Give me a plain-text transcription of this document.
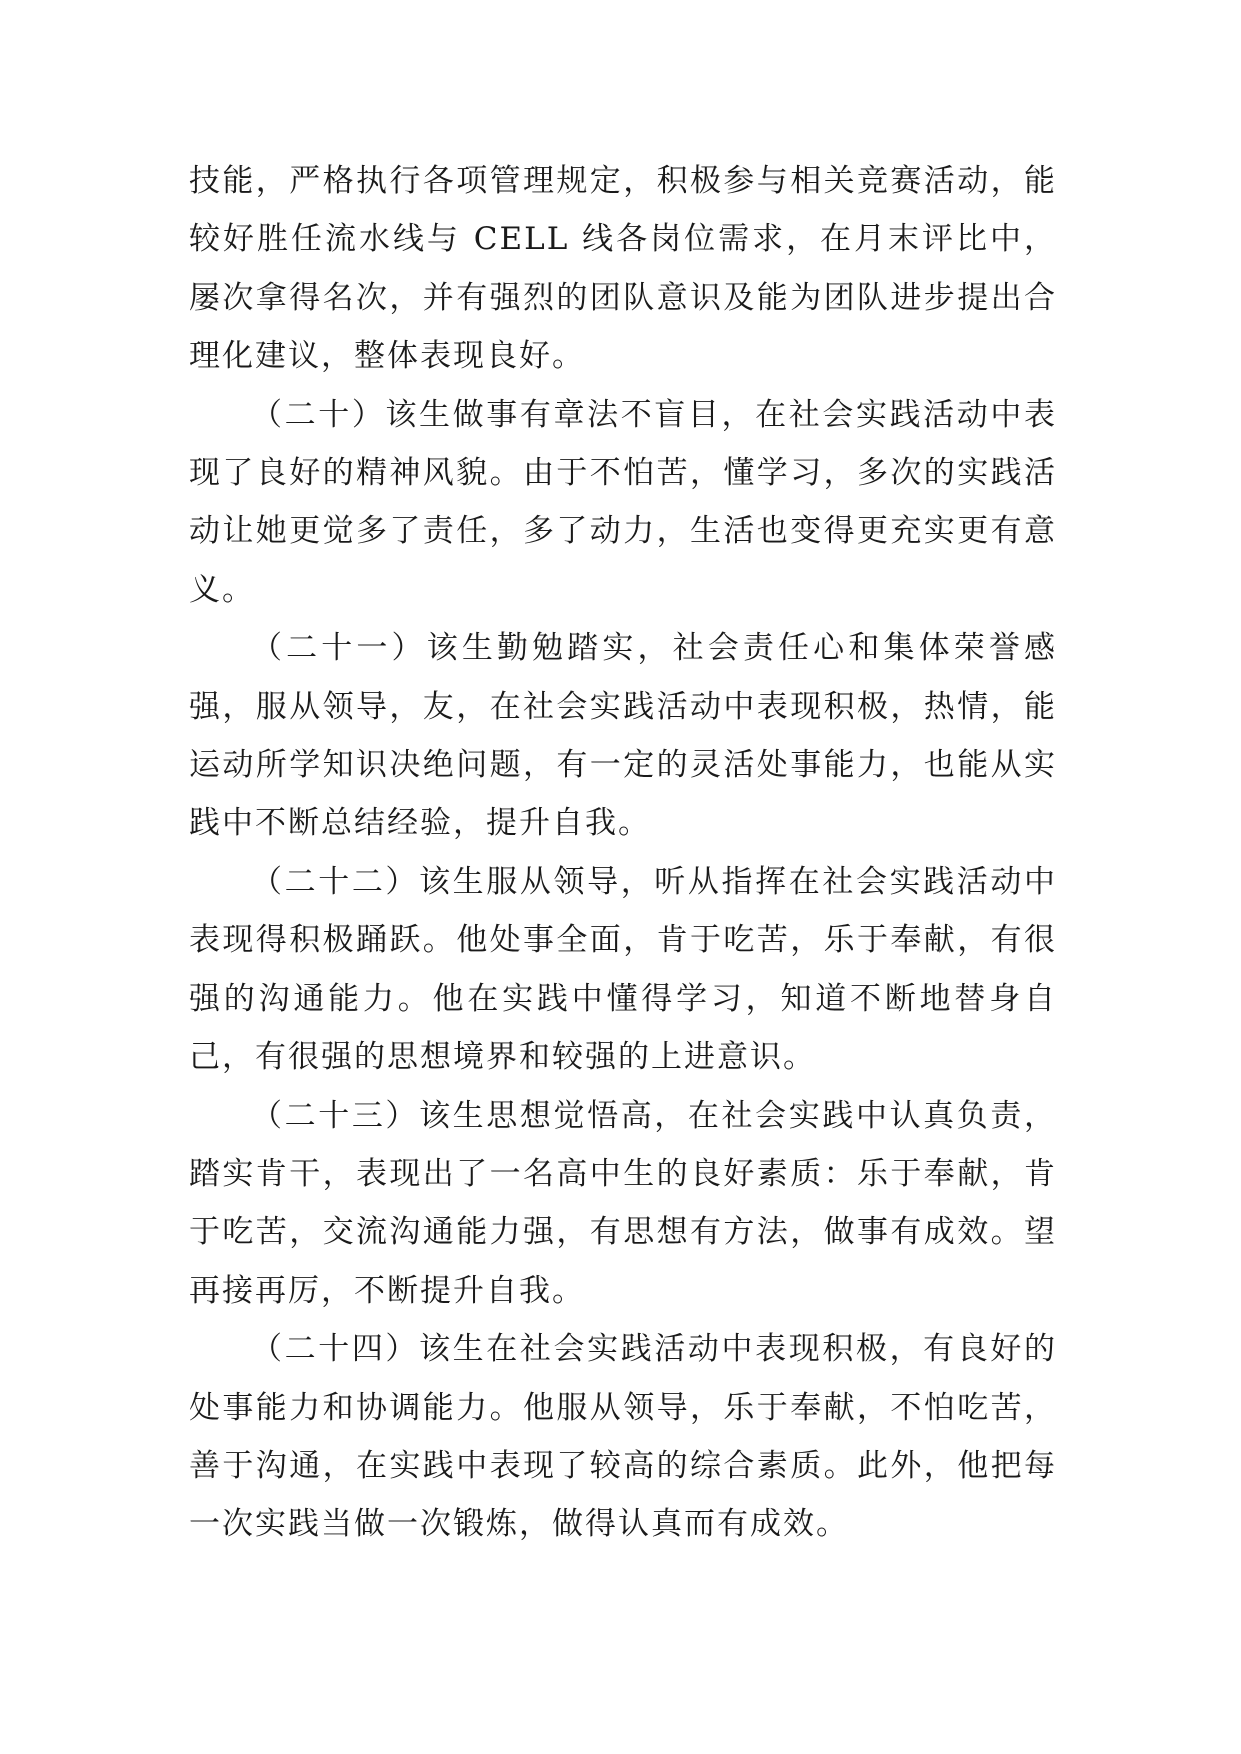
技能，严格执行各项管理规定，积极参与相关竞赛活动，能较好胜任流水线与 CELL 线各岗位需求，在月末评比中，屡次拿得名次，并有强烈的团队意识及能为团队进步提出合理化建议，整体表现良好。

（二十）该生做事有章法不盲目，在社会实践活动中表现了良好的精神风貌。由于不怕苦，懂学习，多次的实践活动让她更觉多了责任，多了动力，生活也变得更充实更有意义。

（二十一）该生勤勉踏实，社会责任心和集体荣誉感强，服从领导，友，在社会实践活动中表现积极，热情，能运动所学知识决绝问题，有一定的灵活处事能力，也能从实践中不断总结经验，提升自我。

（二十二）该生服从领导，听从指挥在社会实践活动中表现得积极踊跃。他处事全面，肯于吃苦，乐于奉献，有很强的沟通能力。他在实践中懂得学习，知道不断地替身自己，有很强的思想境界和较强的上进意识。

（二十三）该生思想觉悟高，在社会实践中认真负责，踏实肯干，表现出了一名高中生的良好素质：乐于奉献，肯于吃苦，交流沟通能力强，有思想有方法，做事有成效。望再接再厉，不断提升自我。

（二十四）该生在社会实践活动中表现积极，有良好的处事能力和协调能力。他服从领导，乐于奉献，不怕吃苦，善于沟通，在实践中表现了较高的综合素质。此外，他把每一次实践当做一次锻炼，做得认真而有成效。
